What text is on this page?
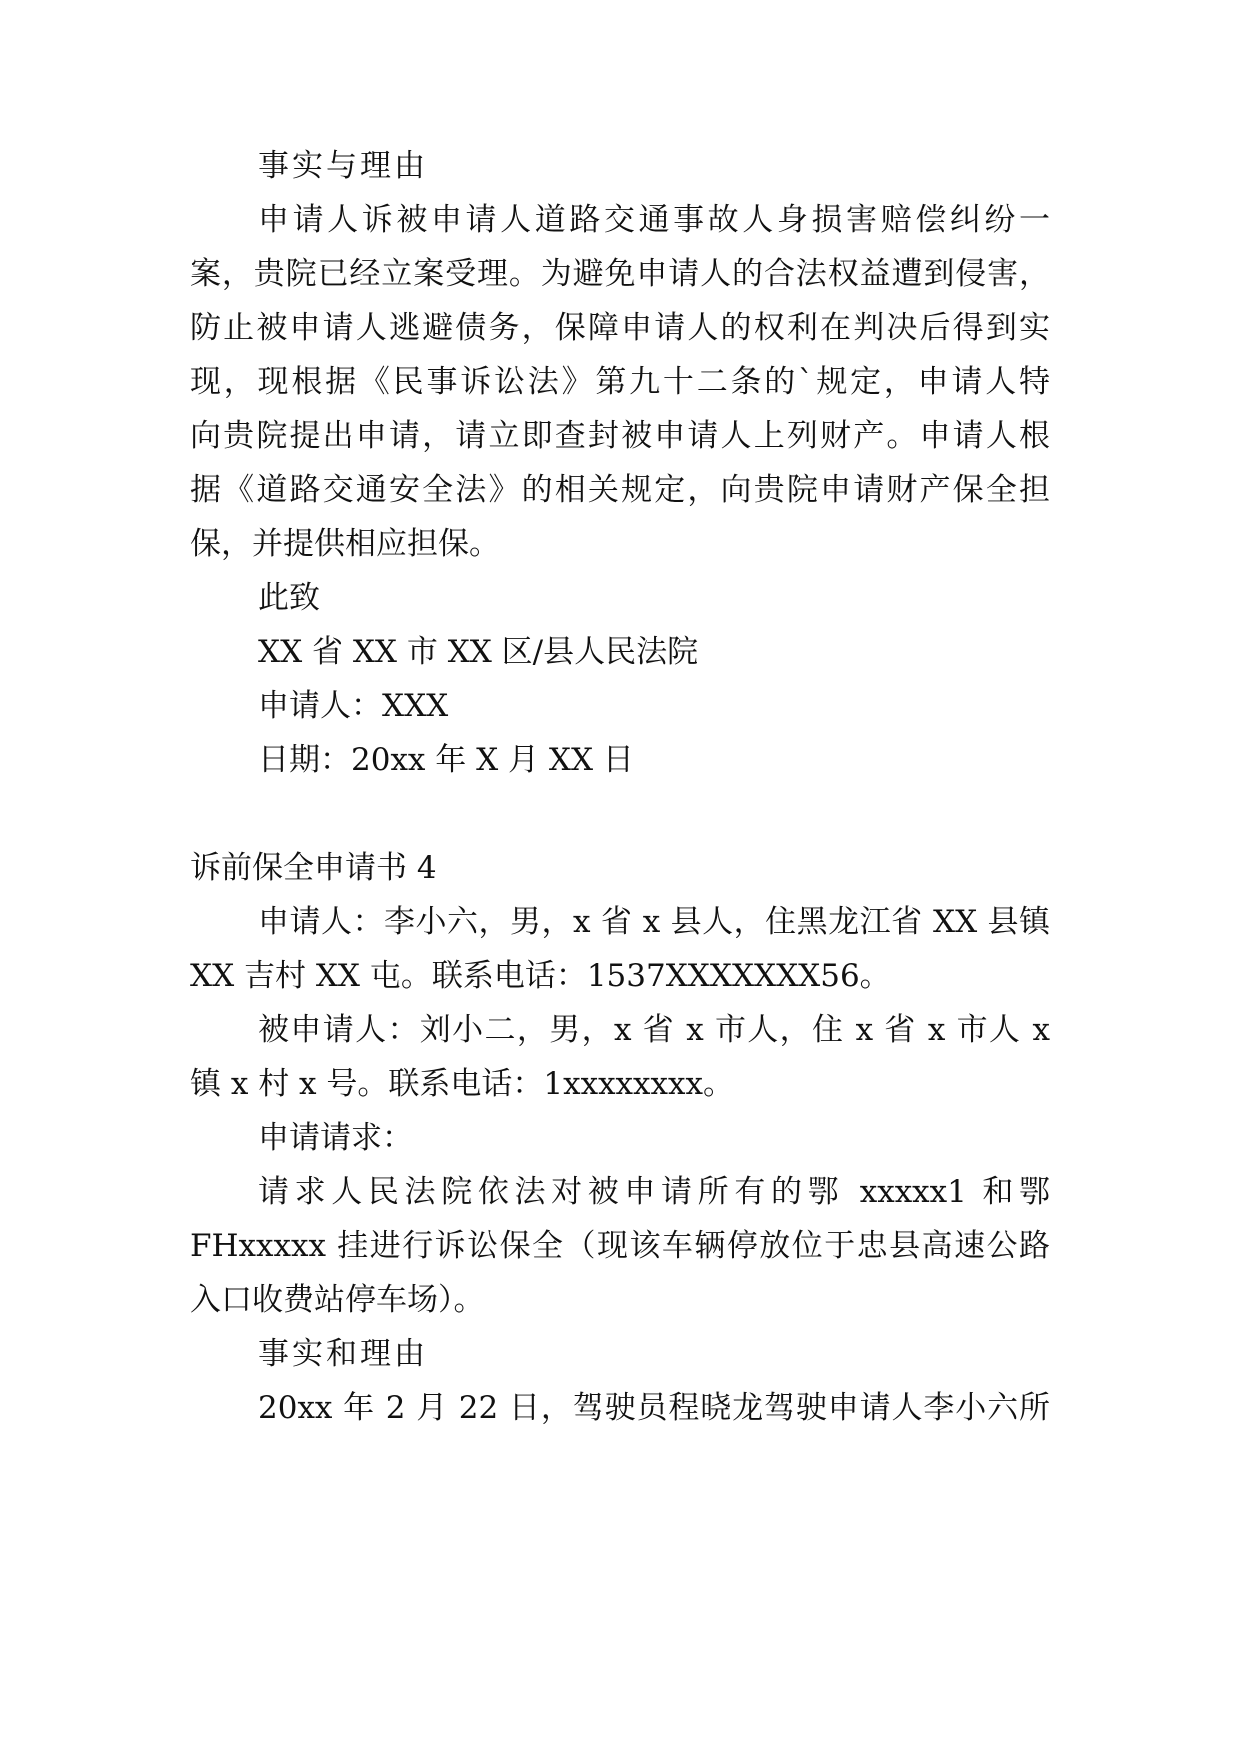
事实与理由
申请人诉被申请人道路交通事故人身损害赔偿纠纷一
案，贵院已经立案受理。为避免申请人的合法权益遭到侵害，
防止被申请人逃避债务，保障申请人的权利在判决后得到实
现，现根据《民事诉讼法》第九十二条的`规定，申请人特
向贵院提出申请，请立即查封被申请人上列财产。申请人根
据《道路交通安全法》的相关规定，向贵院申请财产保全担
保，并提供相应担保。
此致
XX 省 XX 市 XX 区/县人民法院
申请人：XXX
日期：20xx 年 X 月 XX 日
诉前保全申请书 4
申请人：李小六，男，x 省 x 县人，住黑龙江省 XX 县镇
XX 吉村 XX 屯。联系电话：1537XXXXXXX56。
被申请人：刘小二，男，x 省 x 市人，住 x 省 x 市人 x
镇 x 村 x 号。联系电话：1xxxxxxxx。
申请请求：
请求人民法院依法对被申请所有的鄂 xxxxx1 和鄂
FHxxxxx 挂进行诉讼保全（现该车辆停放位于忠县高速公路
入口收费站停车场）。
事实和理由
20xx 年 2 月 22 日，驾驶员程晓龙驾驶申请人李小六所
